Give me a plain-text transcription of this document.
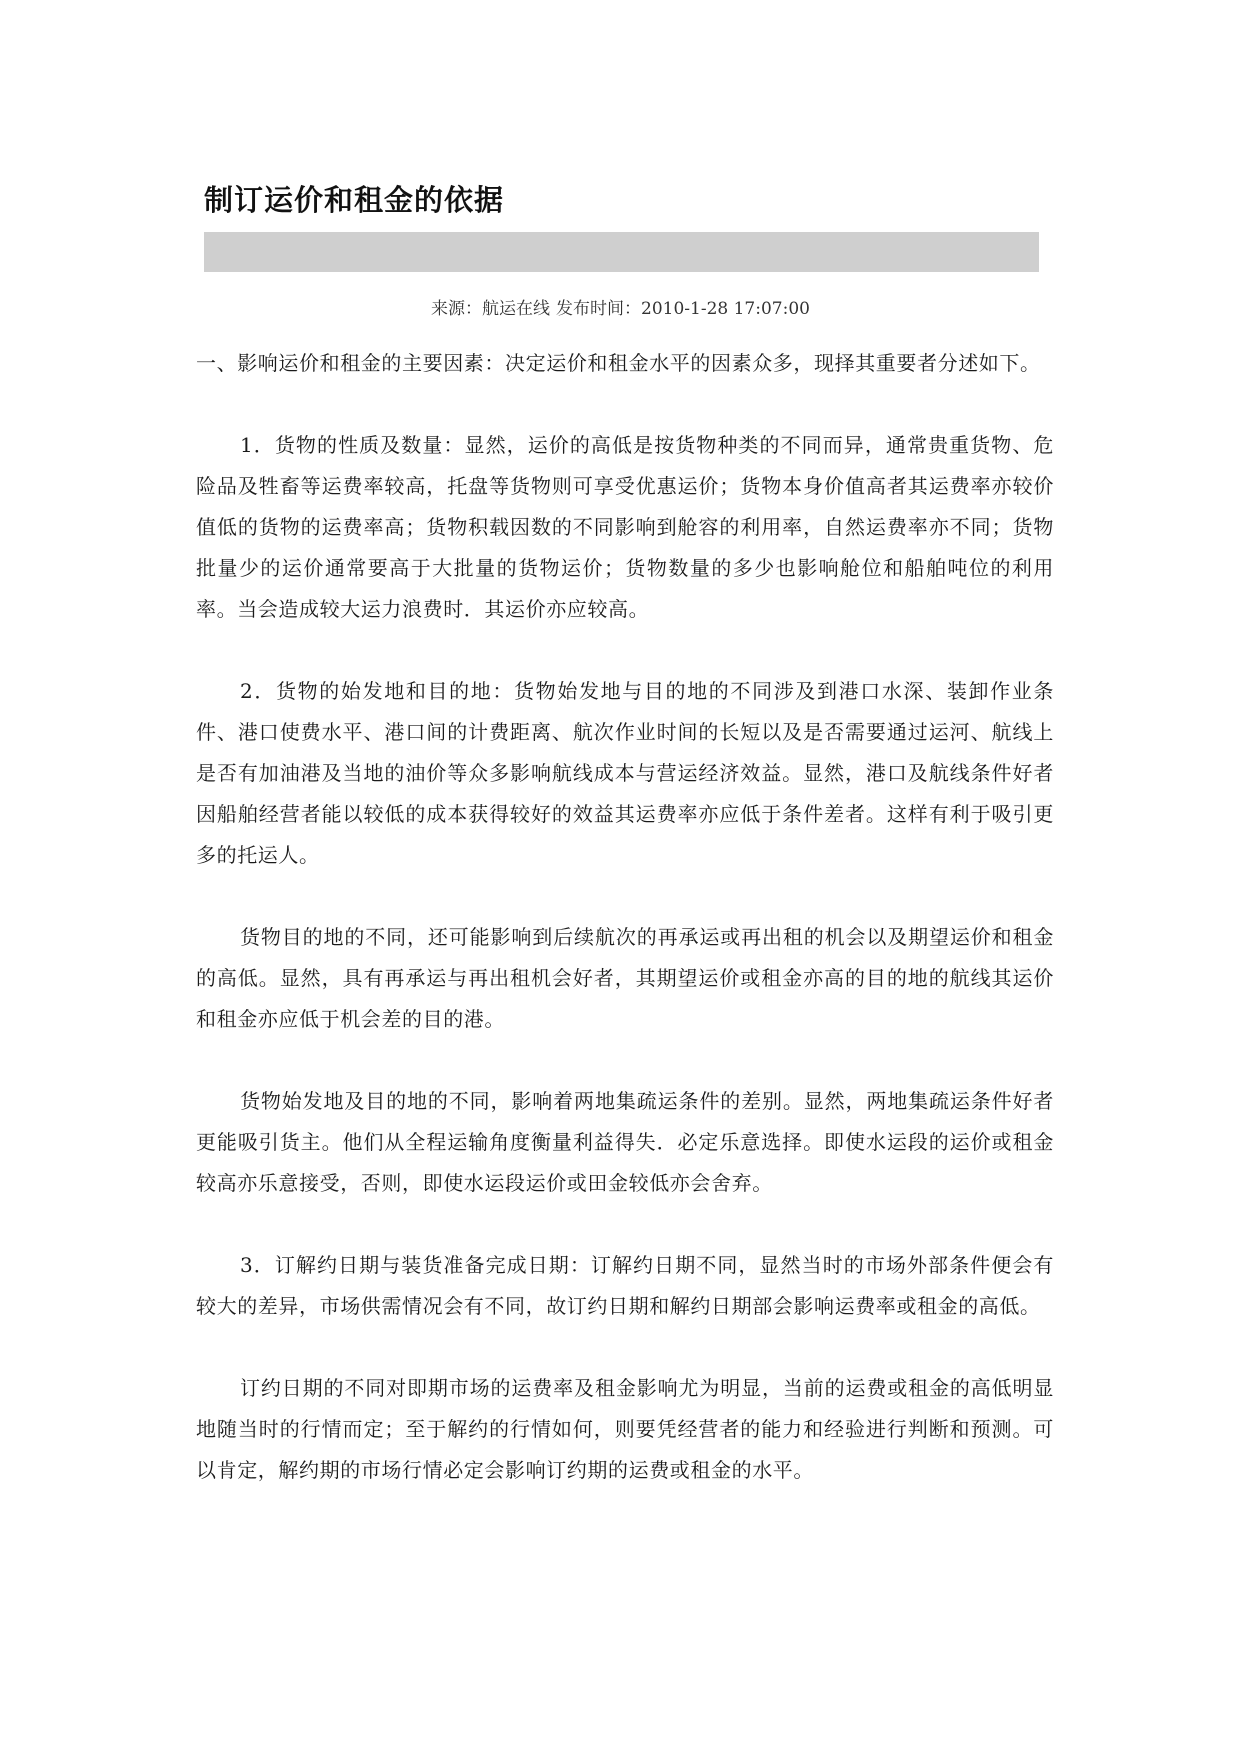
制订运价和租金的依据
来源：航运在线 发布时间：2010-1-28 17:07:00

一、影响运价和租金的主要因素：决定运价和租金水平的因素众多，现择其重要者分述如下。

1．货物的性质及数量：显然，运价的高低是按货物种类的不同而异，通常贵重货物、危险品及牲畜等运费率较高，托盘等货物则可享受优惠运价；货物本身价值高者其运费率亦较价值低的货物的运费率高；货物积载因数的不同影响到舱容的利用率，自然运费率亦不同；货物批量少的运价通常要高于大批量的货物运价；货物数量的多少也影响舱位和船舶吨位的利用率。当会造成较大运力浪费时．其运价亦应较高。

2．货物的始发地和目的地：货物始发地与目的地的不同涉及到港口水深、装卸作业条件、港口使费水平、港口间的计费距离、航次作业时间的长短以及是否需要通过运河、航线上是否有加油港及当地的油价等众多影响航线成本与营运经济效益。显然，港口及航线条件好者因船舶经营者能以较低的成本获得较好的效益其运费率亦应低于条件差者。这样有利于吸引更多的托运人。

货物目的地的不同，还可能影响到后续航次的再承运或再出租的机会以及期望运价和租金的高低。显然，具有再承运与再出租机会好者，其期望运价或租金亦高的目的地的航线其运价和租金亦应低于机会差的目的港。

货物始发地及目的地的不同，影响着两地集疏运条件的差别。显然，两地集疏运条件好者更能吸引货主。他们从全程运输角度衡量利益得失．必定乐意选择。即使水运段的运价或租金较高亦乐意接受，否则，即使水运段运价或田金较低亦会舍弃。

3．订解约日期与装货准备完成日期：订解约日期不同，显然当时的市场外部条件便会有较大的差异，市场供需情况会有不同，故订约日期和解约日期部会影响运费率或租金的高低。

订约日期的不同对即期市场的运费率及租金影响尤为明显，当前的运费或租金的高低明显地随当时的行情而定；至于解约的行情如何，则要凭经营者的能力和经验进行判断和预测。可以肯定，解约期的市场行情必定会影响订约期的运费或租金的水平。
